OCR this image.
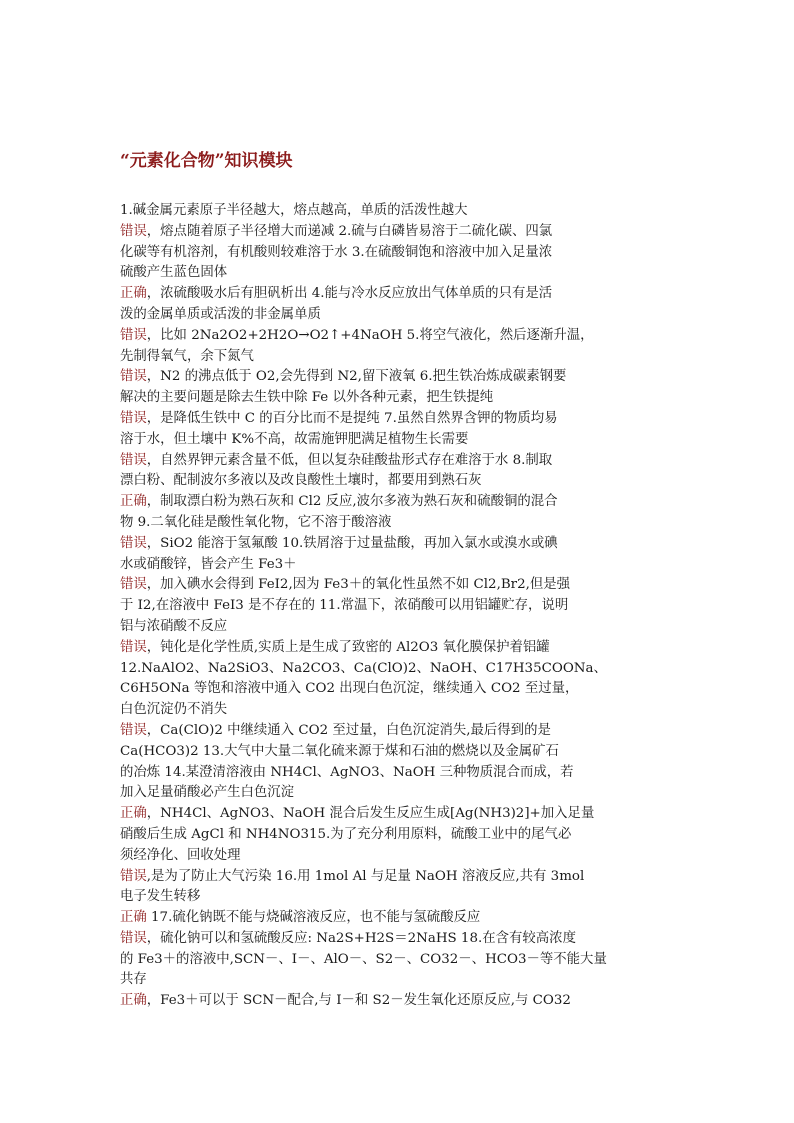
“元素化合物”知识模块
1.碱金属元素原子半径越大，熔点越高，单质的活泼性越大
错误，熔点随着原子半径增大而递减 2.硫与白磷皆易溶于二硫化碳、四氯
化碳等有机溶剂，有机酸则较难溶于水 3.在硫酸铜饱和溶液中加入足量浓
硫酸产生蓝色固体
正确，浓硫酸吸水后有胆矾析出 4.能与冷水反应放出气体单质的只有是活
泼的金属单质或活泼的非金属单质
错误，比如 2Na2O2+2H2O→O2↑+4NaOH 5.将空气液化，然后逐渐升温，
先制得氧气，余下氮气
错误，N2 的沸点低于 O2,会先得到 N2,留下液氧 6.把生铁冶炼成碳素钢要
解决的主要问题是除去生铁中除 Fe 以外各种元素，把生铁提纯
错误，是降低生铁中 C 的百分比而不是提纯 7.虽然自然界含钾的物质均易
溶于水，但土壤中 K%不高，故需施钾肥满足植物生长需要
错误，自然界钾元素含量不低，但以复杂硅酸盐形式存在难溶于水 8.制取
漂白粉、配制波尔多液以及改良酸性土壤时，都要用到熟石灰
正确，制取漂白粉为熟石灰和 Cl2 反应,波尔多液为熟石灰和硫酸铜的混合
物 9.二氧化硅是酸性氧化物，它不溶于酸溶液
错误，SiO2 能溶于氢氟酸 10.铁屑溶于过量盐酸，再加入氯水或溴水或碘
水或硝酸锌，皆会产生 Fe3＋
错误，加入碘水会得到 FeI2,因为 Fe3＋的氧化性虽然不如 Cl2,Br2,但是强
于 I2,在溶液中 FeI3 是不存在的 11.常温下，浓硝酸可以用铝罐贮存，说明
铝与浓硝酸不反应
错误，钝化是化学性质,实质上是生成了致密的 Al2O3 氧化膜保护着铝罐
12.NaAlO2、Na2SiO3、Na2CO3、Ca(ClO)2、NaOH、C17H35COONa、
C6H5ONa 等饱和溶液中通入 CO2 出现白色沉淀，继续通入 CO2 至过量，
白色沉淀仍不消失
错误，Ca(ClO)2 中继续通入 CO2 至过量，白色沉淀消失,最后得到的是
Ca(HCO3)2 13.大气中大量二氧化硫来源于煤和石油的燃烧以及金属矿石
的冶炼 14.某澄清溶液由 NH4Cl、AgNO3、NaOH 三种物质混合而成，若
加入足量硝酸必产生白色沉淀
正确，NH4Cl、AgNO3、NaOH 混合后发生反应生成[Ag(NH3)2]+加入足量
硝酸后生成 AgCl 和 NH4NO315.为了充分利用原料，硫酸工业中的尾气必
须经净化、回收处理
错误,是为了防止大气污染 16.用 1mol Al 与足量 NaOH 溶液反应,共有 3mol
电子发生转移
正确 17.硫化钠既不能与烧碱溶液反应，也不能与氢硫酸反应
错误，硫化钠可以和氢硫酸反应: Na2S+H2S＝2NaHS 18.在含有较高浓度
的 Fe3＋的溶液中,SCN－、I－、AlO－、S2－、CO32－、HCO3－等不能大量
共存
正确，Fe3＋可以于 SCN－配合,与 I－和 S2－发生氧化还原反应,与 CO32
